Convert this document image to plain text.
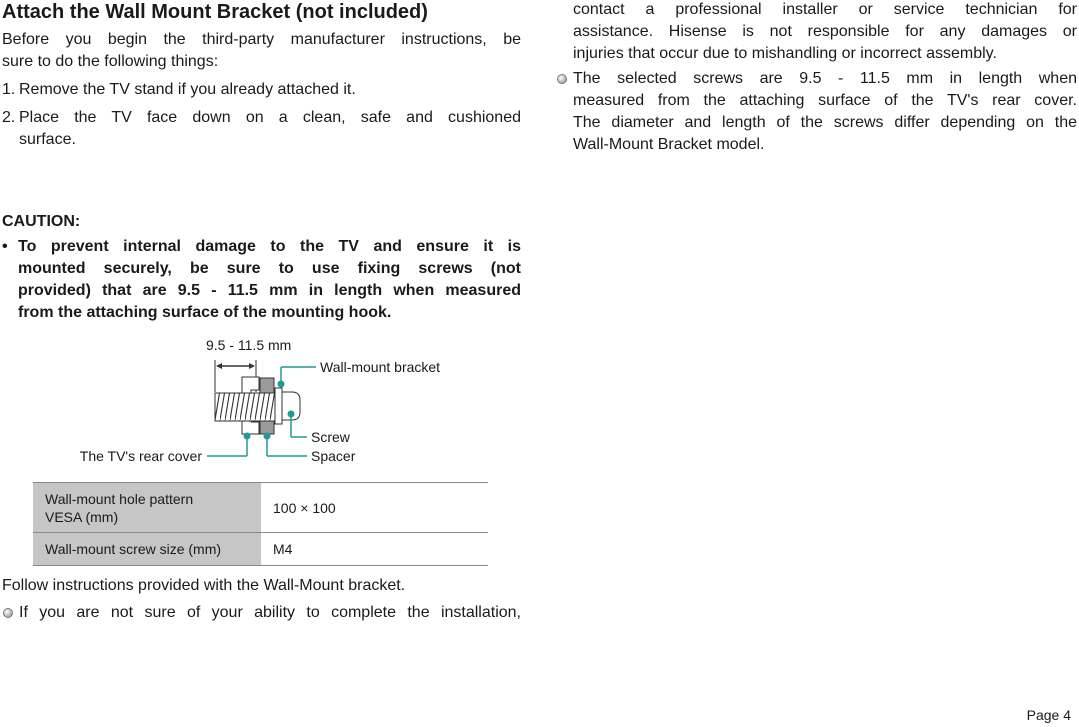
Attach the Wall Mount Bracket (not included)
Before you begin the third-party manufacturer instructions, be
sure to do the following things:
1. Remove the TV stand if you already attached it.
2. Place the TV face down on a clean, safe and cushioned
surface.
CAUTION:
• To prevent internal damage to the TV and ensure it is
mounted securely, be sure to use fixing screws (not
provided) that are 9.5 - 11.5 mm in length when measured
from the attaching surface of the mounting hook.
9.5 - 11.5 mm
Wall-mount bracket
Screw
Spacer
The TV's rear cover
Wall-mount hole pattern
VESA (mm)	100 × 100
Wall-mount screw size (mm)	M4
Follow instructions provided with the Wall-Mount bracket.
If you are not sure of your ability to complete the installation,
contact a professional installer or service technician for
assistance. Hisense is not responsible for any damages or
injuries that occur due to mishandling or incorrect assembly.
The selected screws are 9.5 - 11.5 mm in length when
measured from the attaching surface of the TV's rear cover.
The diameter and length of the screws differ depending on the
Wall-Mount Bracket model.
Page 4
